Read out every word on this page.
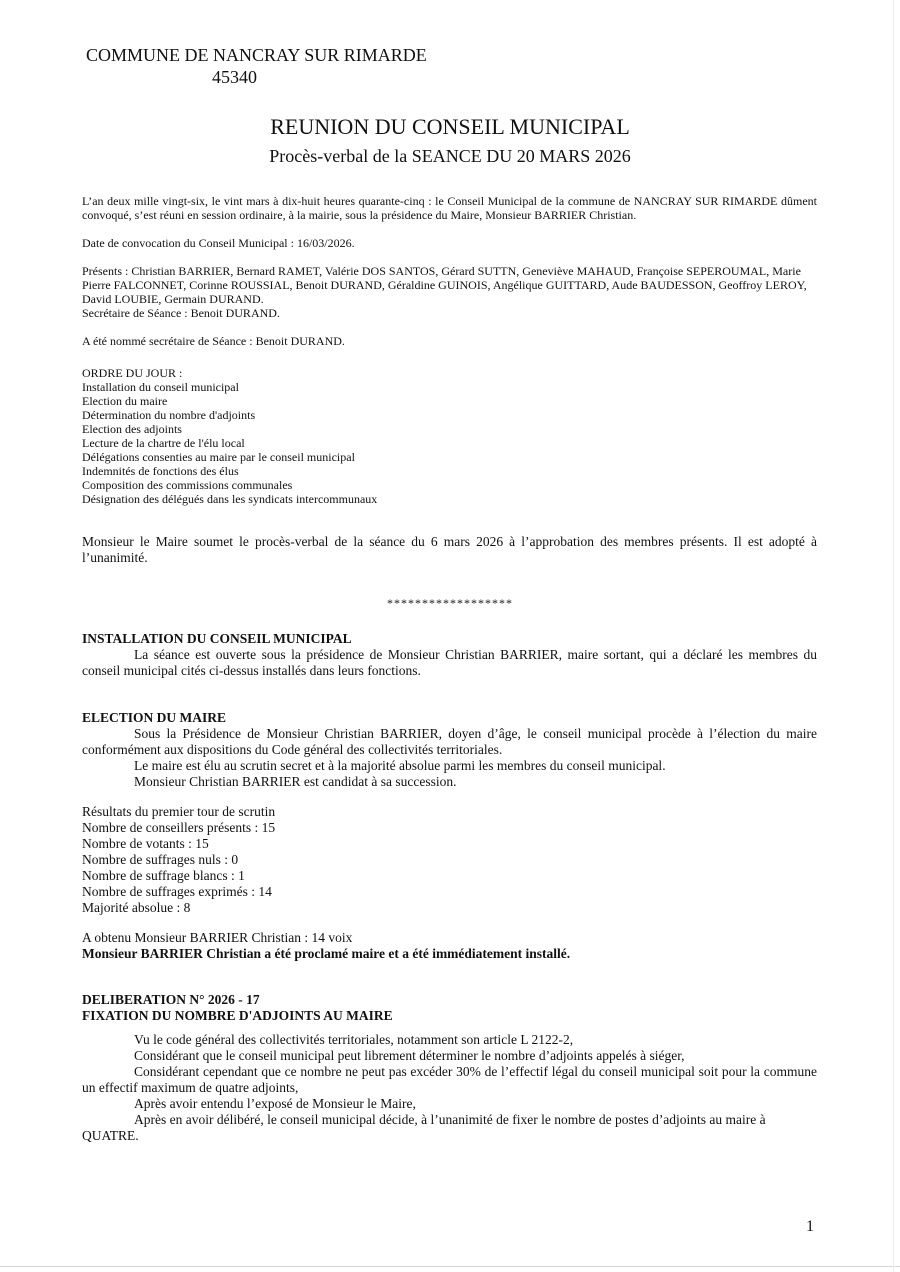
COMMUNE DE NANCRAY SUR RIMARDE
45340
REUNION DU CONSEIL MUNICIPAL
Procès-verbal de la SEANCE DU 20 MARS 2026
L’an deux mille vingt-six, le vint mars à dix-huit heures quarante-cinq : le Conseil Municipal de la commune de NANCRAY SUR RIMARDE dûment convoqué, s’est réuni en session ordinaire, à la mairie, sous la présidence du Maire, Monsieur BARRIER Christian.
Date de convocation du Conseil Municipal : 16/03/2026.
Présents : Christian BARRIER, Bernard RAMET, Valérie DOS SANTOS, Gérard SUTTN, Geneviève MAHAUD, Françoise SEPEROUMAL, Marie Pierre FALCONNET, Corinne ROUSSIAL, Benoit DURAND, Géraldine GUINOIS, Angélique GUITTARD, Aude BAUDESSON, Geoffroy LEROY, David LOUBIE, Germain DURAND.
Secrétaire de Séance : Benoit DURAND.
A été nommé secrétaire de Séance : Benoit DURAND.
ORDRE DU JOUR :
Installation du conseil municipal
Election du maire
Détermination du nombre d'adjoints
Election des adjoints
Lecture de la chartre de l'élu local
Délégations consenties au maire par le conseil municipal
Indemnités de fonctions des élus
Composition des commissions communales
Désignation des délégués dans les syndicats intercommunaux
Monsieur le Maire soumet le procès-verbal de la séance du 6 mars 2026 à l’approbation des membres présents. Il est adopté à l’unanimité.
******************
INSTALLATION DU CONSEIL MUNICIPAL
La séance est ouverte sous la présidence de Monsieur Christian BARRIER, maire sortant, qui a déclaré les membres du conseil municipal cités ci-dessus installés dans leurs fonctions.
ELECTION DU MAIRE
Sous la Présidence de Monsieur Christian BARRIER, doyen d’âge, le conseil municipal procède à l’élection du maire conformément aux dispositions du Code général des collectivités territoriales.
Le maire est élu au scrutin secret et à la majorité absolue parmi les membres du conseil municipal.
Monsieur Christian BARRIER est candidat à sa succession.
Résultats du premier tour de scrutin
Nombre de conseillers présents : 15
Nombre de votants : 15
Nombre de suffrages nuls : 0
Nombre de suffrage blancs : 1
Nombre de suffrages exprimés : 14
Majorité absolue : 8
A obtenu Monsieur BARRIER Christian : 14 voix
Monsieur BARRIER Christian a été proclamé maire et a été immédiatement installé.
DELIBERATION N° 2026 - 17
FIXATION DU NOMBRE D'ADJOINTS AU MAIRE
Vu le code général des collectivités territoriales, notamment son article L 2122-2,
Considérant que le conseil municipal peut librement déterminer le nombre d’adjoints appelés à siéger,
Considérant cependant que ce nombre ne peut pas excéder 30% de l’effectif légal du conseil municipal soit pour la commune un effectif maximum de quatre adjoints,
Après avoir entendu l’exposé de Monsieur le Maire,
Après en avoir délibéré, le conseil municipal décide, à l’unanimité de fixer le nombre de postes d’adjoints au maire à QUATRE.
1
